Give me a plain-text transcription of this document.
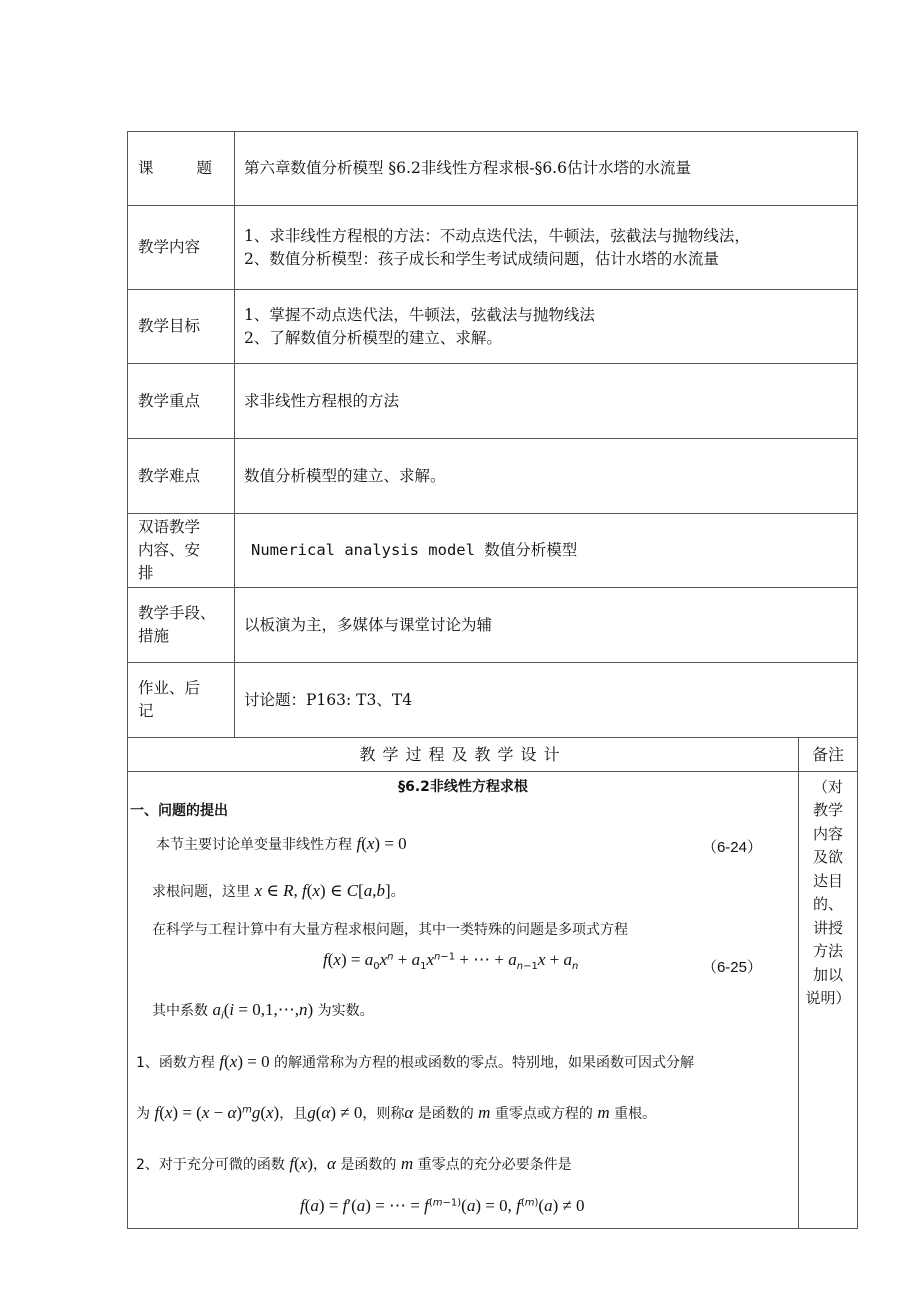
课 题	第六章数值分析模型 §6.2非线性方程求根-§6.6估计水塔的水流量
教学内容	1、求非线性方程根的方法：不动点迭代法，牛顿法，弦截法与抛物线法，
2、数值分析模型：孩子成长和学生考试成绩问题，估计水塔的水流量

教学目标	1、掌握不动点迭代法，牛顿法，弦截法与抛物线法
2、了解数值分析模型的建立、求解。

教学重点	求非线性方程根的方法
教学难点	数值分析模型的建立、求解。

双语教学
内容、安
排	Numerical analysis model 数值分析模型

教学手段、
措施	以板演为主，多媒体与课堂讨论为辅

作业、后
记	讨论题：P163: T3、T4
教学过程及教学设计	备注

§6.2非线性方程求根
一、问题的提出
本节主要讨论单变量非线性方程 f(x) = 0	（6-24）
求根问题，这里 x ∈ R, f(x) ∈ C[a,b]。
在科学与工程计算中有大量方程求根问题，其中一类特殊的问题是多项式方程
$f(x) = a_0x^n + a_1x^{n-1}$ + ⋯ + $a_{n-1}x + a_n$	（6-25）
其中系数 $a_i(i$ = 0,1,⋯,n) 为实数。
1、函数方程 f(x) = 0 的解通常称为方程的根或函数的零点。特别地，如果函数可因式分解
为 $f(x) = (x - \alpha)^mg(x)$，且g(α) ≠ 0，则称α 是函数的 m 重零点或方程的 m 重根。
2、对于充分可微的函数 f(x)，α 是函数的 m 重零点的充分必要条件是
f(a) = f′(a) = ⋯ = $f^{(m-1)}(a) = 0$, $f^{(m)}(a) \ne 0$

（对
教学
内容
及欲
达目
的、
讲授
方法
加以
说明）
